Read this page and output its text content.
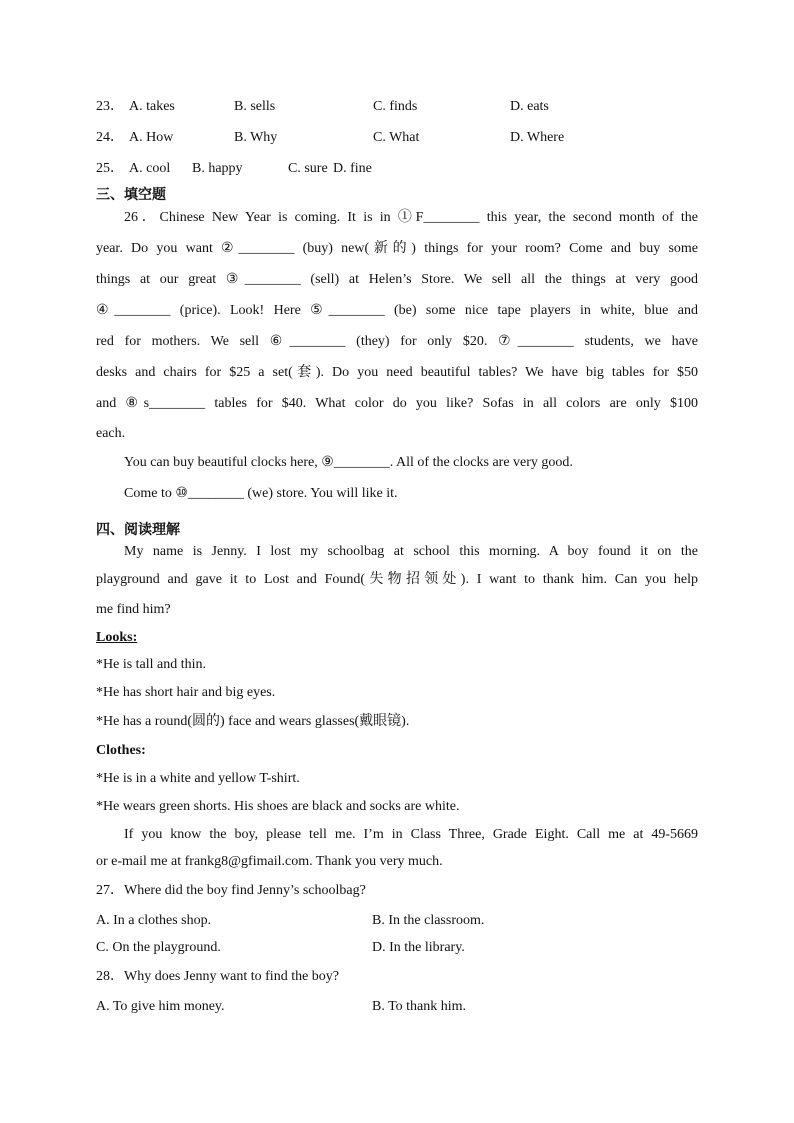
23． A. takes	B. sells	C. finds	D. eats
24． A. How	B. Why	C. What	D. Where
25． A. cool B. happy	C. sure D. fine
三、填空题
26．Chinese New Year is coming. It is in ①F________ this year, the second month of the
year. Do you want ②________ (buy) new(新的) things for your room? Come and buy some
things at our great ③________ (sell) at Helen’s Store. We sell all the things at very good
④________ (price). Look! Here ⑤________ (be) some nice tape players in white, blue and
red for mothers. We sell ⑥________ (they) for only $20. ⑦________ students, we have
desks and chairs for $25 a set(套). Do you need beautiful tables? We have big tables for $50
and ⑧s________ tables for $40. What color do you like? Sofas in all colors are only $100
each.
You can buy beautiful clocks here, ⑨________. All of the clocks are very good.
Come to ⑩________ (we) store. You will like it.
四、阅读理解
My name is Jenny. I lost my schoolbag at school this morning. A boy found it on the
playground and gave it to Lost and Found(失物招领处). I want to thank him. Can you help
me find him?
Looks:
*He is tall and thin.
*He has short hair and big eyes.
*He has a round(圆的) face and wears glasses(戴眼镜).
Clothes:
*He is in a white and yellow T-shirt.
*He wears green shorts. His shoes are black and socks are white.
If you know the boy, please tell me. I’m in Class Three, Grade Eight. Call me at 49-5669
or e-mail me at frankg8@gfimail.com. Thank you very much.
27．Where did the boy find Jenny’s schoolbag?
A. In a clothes shop.	B. In the classroom.
C. On the playground.	D. In the library.
28．Why does Jenny want to find the boy?
A. To give him money.	B. To thank him.
